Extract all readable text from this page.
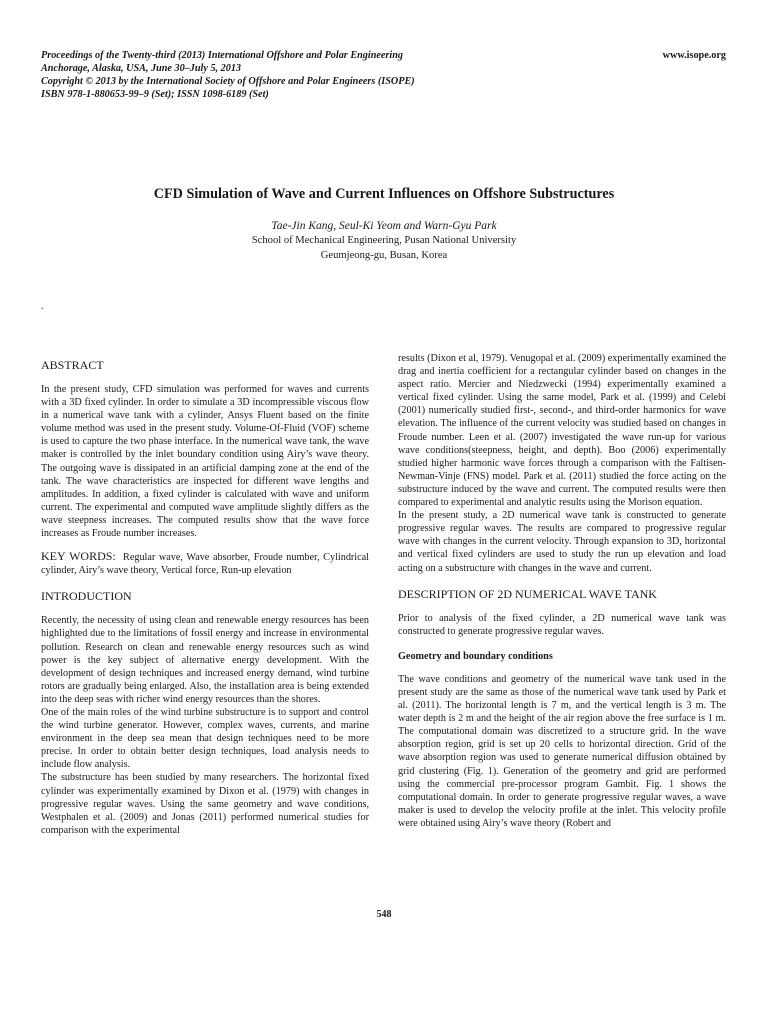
Proceedings of the Twenty-third (2013) International Offshore and Polar Engineering
Anchorage, Alaska, USA, June 30–July 5, 2013
Copyright © 2013 by the International Society of Offshore and Polar Engineers (ISOPE)
ISBN 978-1-880653-99–9 (Set); ISSN 1098-6189 (Set)
www.isope.org
CFD Simulation of Wave and Current Influences on Offshore Substructures
Tae-Jin Kang, Seul-Ki Yeom and Warn-Gyu Park
School of Mechanical Engineering, Pusan National University
Geumjeong-gu, Busan, Korea
.
ABSTRACT

In the present study, CFD simulation was performed for waves and currents with a 3D fixed cylinder. In order to simulate a 3D incompressible viscous flow in a numerical wave tank with a cylinder, Ansys Fluent based on the finite volume method was used in the present study. Volume-Of-Fluid (VOF) scheme is used to capture the two phase interface. In the numerical wave tank, the wave maker is controlled by the inlet boundary condition using Airy’s wave theory. The outgoing wave is dissipated in an artificial damping zone at the end of the tank. The wave characteristics are inspected for different wave lengths and amplitudes. In addition, a fixed cylinder is calculated with wave and uniform current. The experimental and computed wave amplitude slightly differs as the wave steepness increases. The computed results show that the wave force increases as Froude number increases.

KEY WORDS: Regular wave, Wave absorber, Froude number, Cylindrical cylinder, Airy’s wave theory, Vertical force, Run-up elevation

INTRODUCTION

Recently, the necessity of using clean and renewable energy resources has been highlighted due to the limitations of fossil energy and increase in environmental pollution. Research on clean and renewable energy resources such as wind power is the key subject of alternative energy development. With the development of design techniques and increased energy demand, wind turbine rotors are gradually being enlarged. Also, the installation area is being extended into the deep seas with richer wind energy resources than the shores.

One of the main roles of the wind turbine substructure is to support and control the wind turbine generator. However, complex waves, currents, and marine environment in the deep sea mean that design techniques need to be more precise. In order to obtain better design techniques, load analysis needs to include flow analysis.

The substructure has been studied by many researchers. The horizontal fixed cylinder was experimentally examined by Dixon et al. (1979) with changes in progressive regular waves. Using the same geometry and wave conditions, Westphalen et al. (2009) and Jonas (2011) performed numerical studies for comparison with the experimental

results (Dixon et al, 1979). Venugopal et al. (2009) experimentally examined the drag and inertia coefficient for a rectangular cylinder based on changes in the aspect ratio. Mercier and Niedzwecki (1994) experimentally examined a vertical fixed cylinder. Using the same model, Park et al. (1999) and Celebi (2001) numerically studied first-, second-, and third-order harmonics for wave elevation. The influence of the current velocity was studied based on changes in Froude number. Leen et al. (2007) investigated the wave run-up for various wave conditions(steepness, height, and depth). Boo (2006) experimentally studied higher harmonic wave forces through a comparison with the Faltisen-Newman-Vinje (FNS) model. Park et al. (2011) studied the force acting on the substructure induced by the wave and current. The computed results were then compared to experimental and analytic results using the Morison equation.

In the present study, a 2D numerical wave tank is constructed to generate progressive regular waves. The results are compared to progressive regular wave with changes in the current velocity. Through expansion to 3D, horizontal and vertical fixed cylinders are used to study the run up elevation and load acting on a substructure with changes in the wave and current.

DESCRIPTION OF 2D NUMERICAL WAVE TANK

Prior to analysis of the fixed cylinder, a 2D numerical wave tank was constructed to generate progressive regular waves.

Geometry and boundary conditions

The wave conditions and geometry of the numerical wave tank used in the present study are the same as those of the numerical wave tank used by Park et al. (2011). The horizontal length is 7 m, and the vertical length is 3 m. The water depth is 2 m and the height of the air region above the free surface is 1 m. The computational domain was discretized to a structure grid. In the wave absorption region, grid is set up 20 cells to horizontal direction. Grid of the wave absorption region was used to generate numerical diffusion obtained by grid clustering (Fig. 1). Generation of the geometry and grid are performed using the commercial pre-processor program Gambit. Fig. 1 shows the computational domain. In order to generate progressive regular waves, a wave maker is used to develop the velocity profile at the inlet. This velocity profile were obtained using Airy’s wave theory (Robert and

548
